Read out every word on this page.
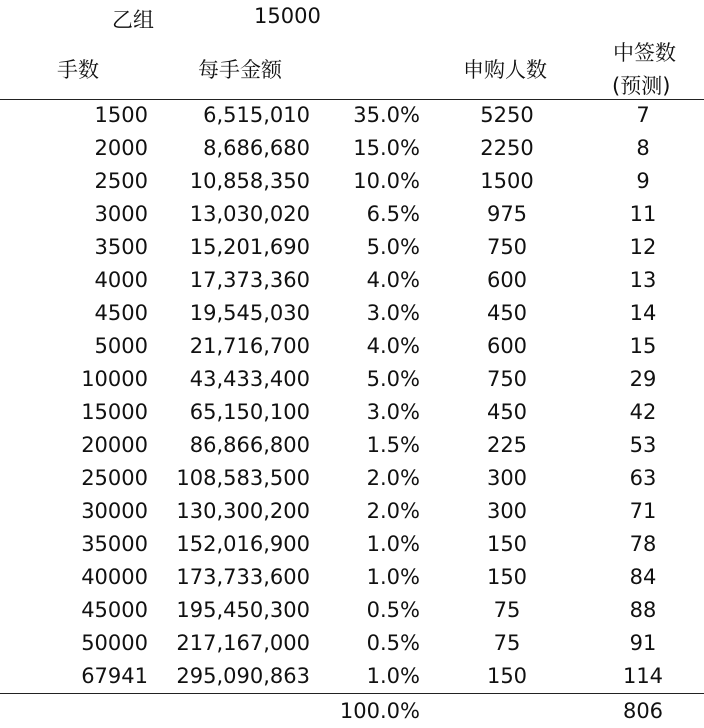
乙组	15000
手数	每手金额	申购人数
中签数
(预测)
1500	6,515,010 35.0%	5250	7
2000	8,686,680 15.0%	2250	8
2500 10,858,350 10.0%	1500	9
3000 13,030,020	6.5%	975	11
3500 15,201,690	5.0%	750	12
4000 17,373,360	4.0%	600	13
4500 19,545,030	3.0%	450	14
5000 21,716,700	4.0%	600	15
10000 43,433,400	5.0%	750	29
15000 65,150,100	3.0%	450	42
20000 86,866,800	1.5%	225	53
25000 108,583,500	2.0%	300	63
30000 130,300,200	2.0%	300	71
35000 152,016,900	1.0%	150	78
40000 173,733,600	1.0%	150	84
45000 195,450,300	0.5%	75	88
50000 217,167,000	0.5%	75	91
67941 295,090,863	1.0%	150	114
100.0%	806
